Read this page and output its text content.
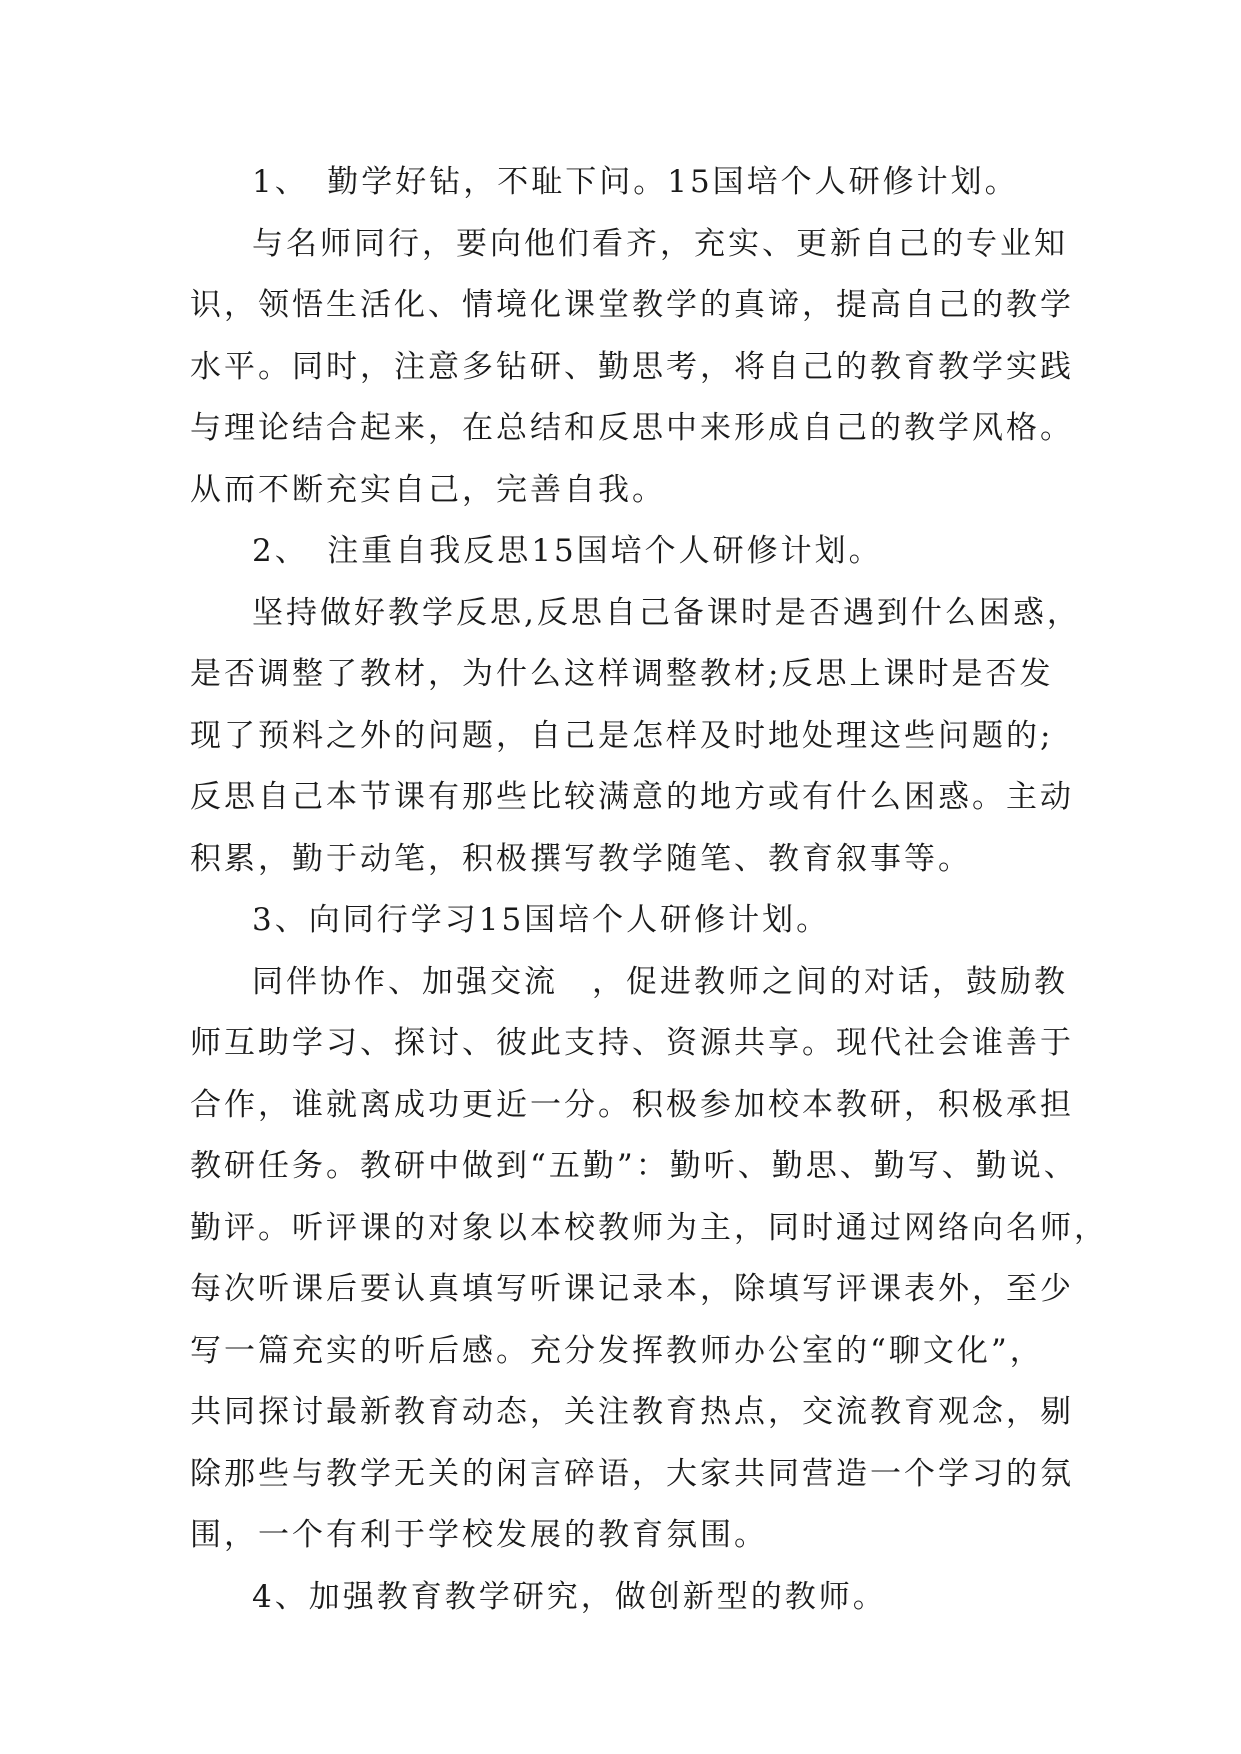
1、　勤学好钻，不耻下问。15国培个人研修计划。
与名师同行，要向他们看齐，充实、更新自己的专业知
识，领悟生活化、情境化课堂教学的真谛，提高自己的教学
水平。同时，注意多钻研、勤思考，将自己的教育教学实践
与理论结合起来，在总结和反思中来形成自己的教学风格。
从而不断充实自己，完善自我。
2、　注重自我反思15国培个人研修计划。
坚持做好教学反思,反思自己备课时是否遇到什么困惑，
是否调整了教材，为什么这样调整教材;反思上课时是否发
现了预料之外的问题，自己是怎样及时地处理这些问题的;
反思自己本节课有那些比较满意的地方或有什么困惑。主动
积累，勤于动笔，积极撰写教学随笔、教育叙事等。
3、向同行学习15国培个人研修计划。
同伴协作、加强交流　，促进教师之间的对话，鼓励教
师互助学习、探讨、彼此支持、资源共享。现代社会谁善于
合作，谁就离成功更近一分。积极参加校本教研，积极承担
教研任务。教研中做到“五勤”：勤听、勤思、勤写、勤说、
勤评。听评课的对象以本校教师为主，同时通过网络向名师，
每次听课后要认真填写听课记录本，除填写评课表外，至少
写一篇充实的听后感。充分发挥教师办公室的“聊文化”，
共同探讨最新教育动态，关注教育热点，交流教育观念，剔
除那些与教学无关的闲言碎语，大家共同营造一个学习的氛
围，一个有利于学校发展的教育氛围。
4、加强教育教学研究，做创新型的教师。
